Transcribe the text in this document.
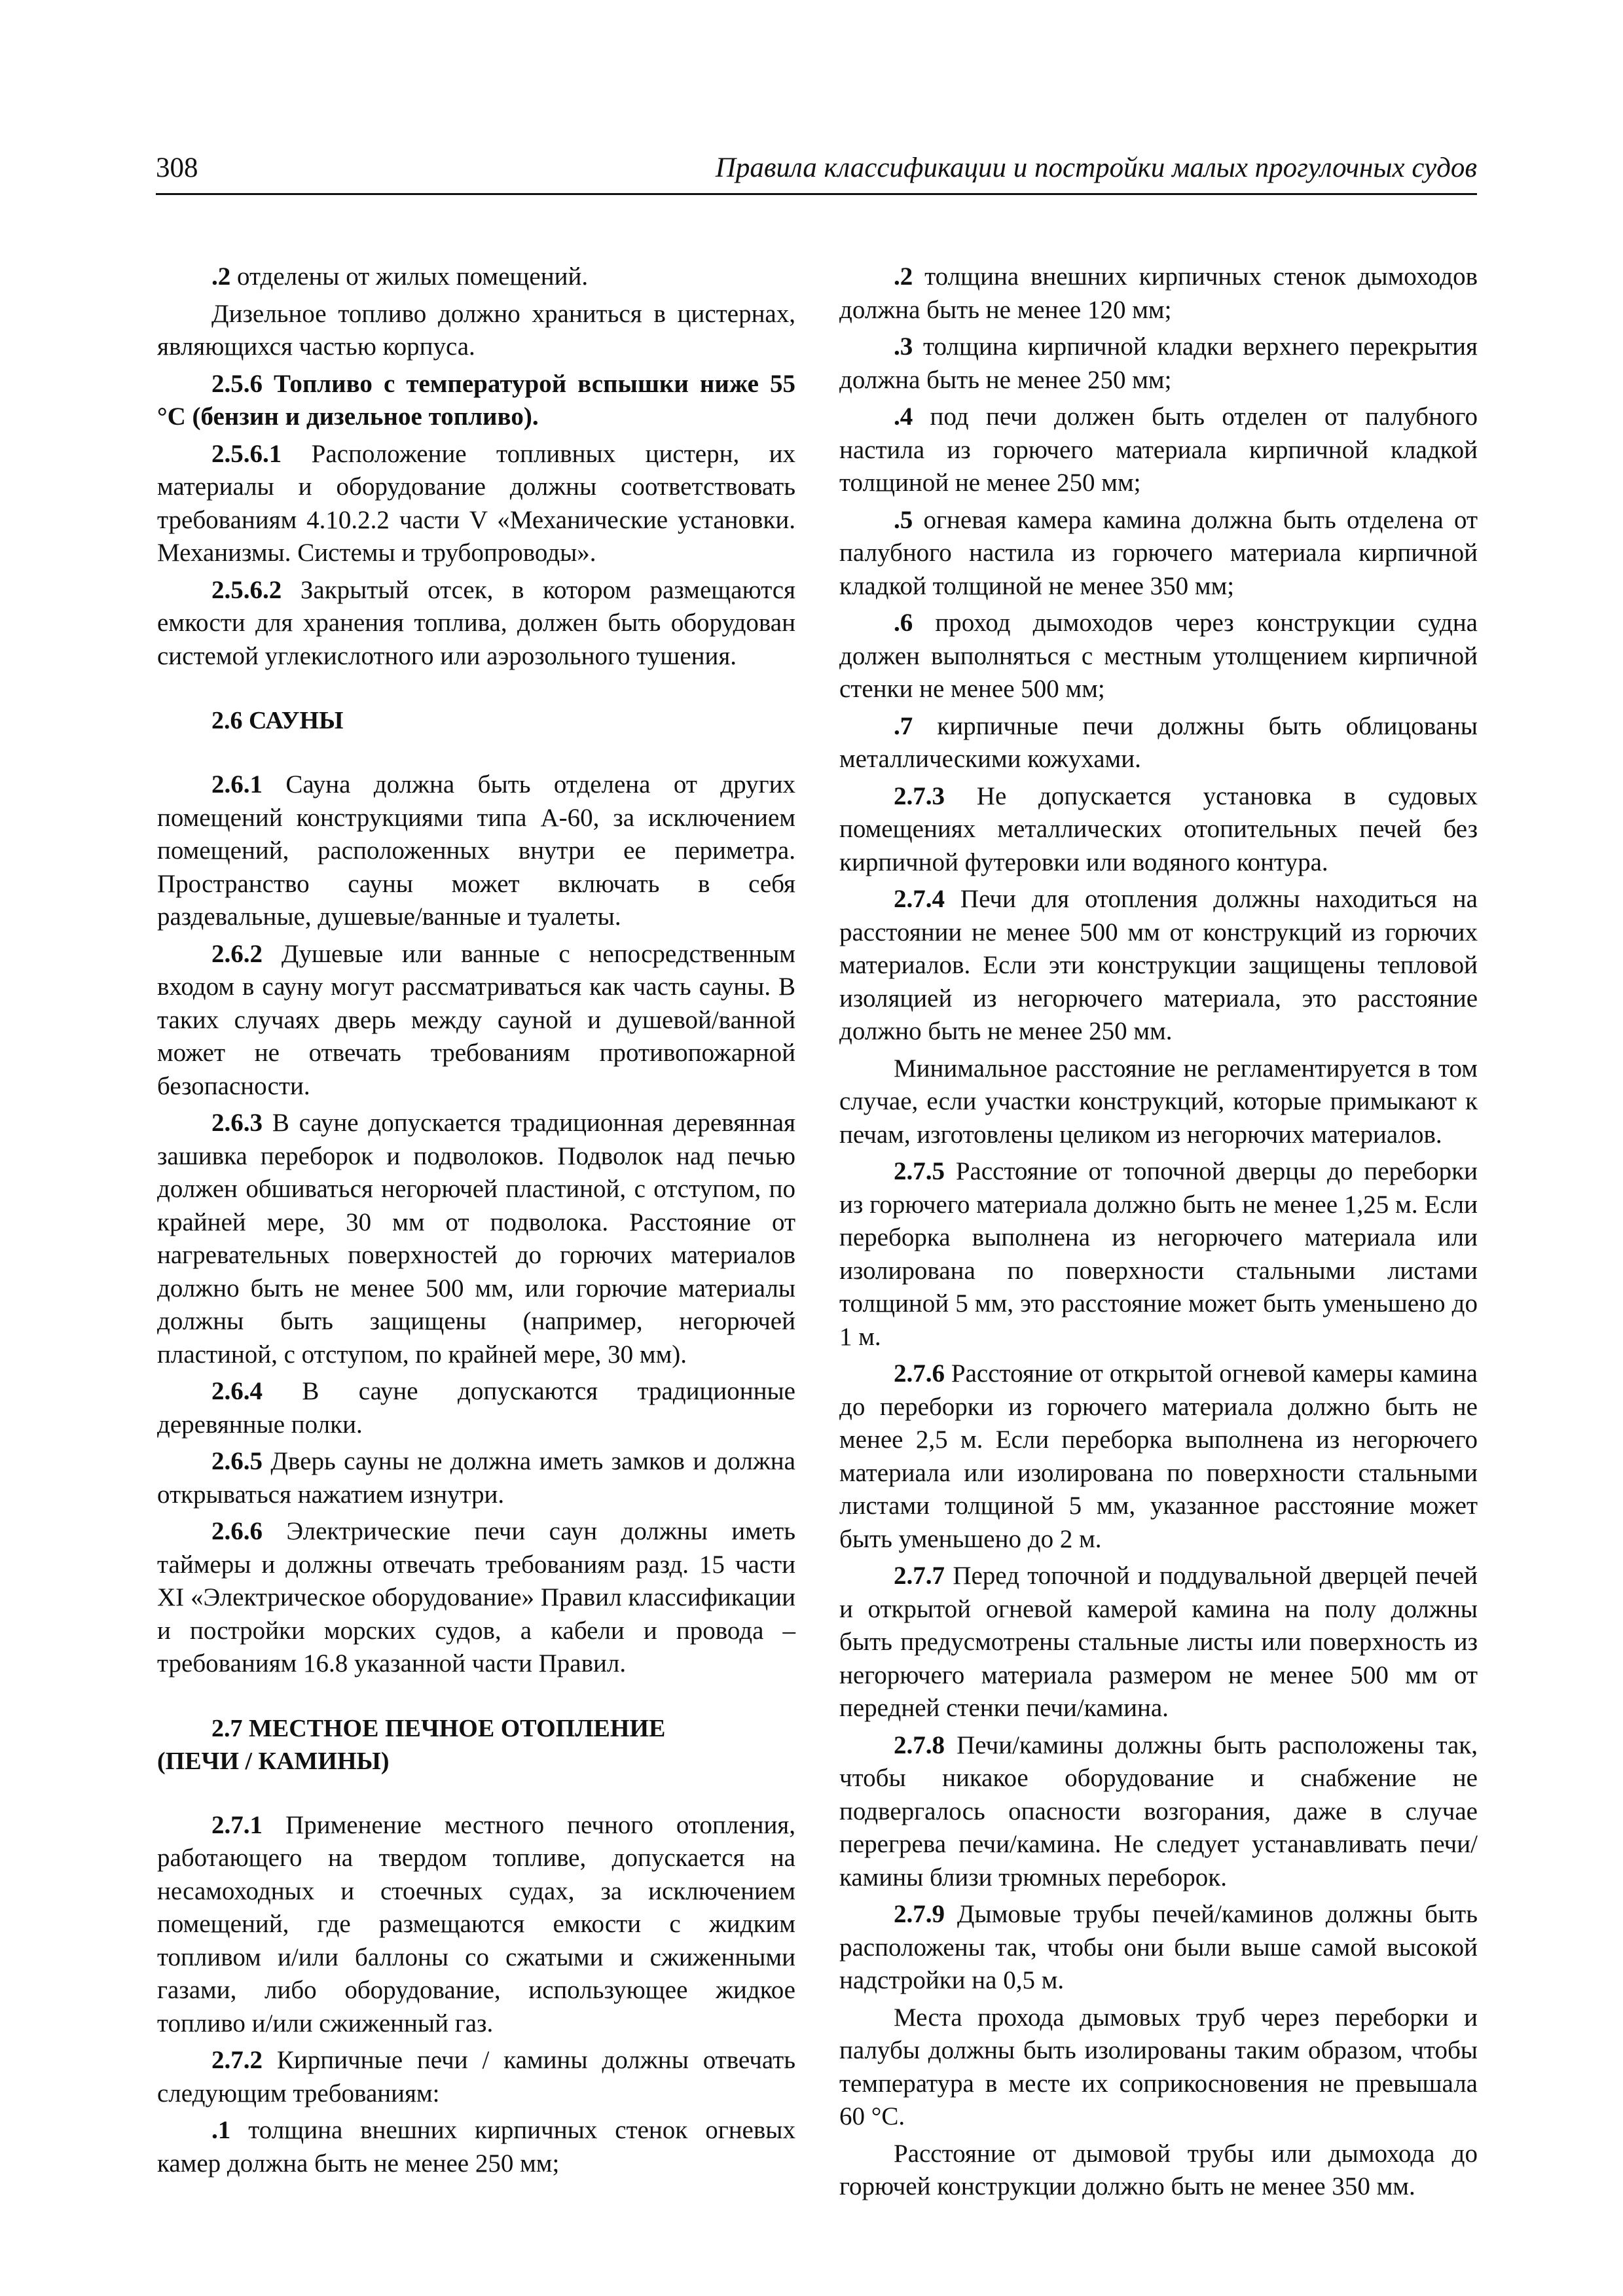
308	Правила классификации и постройки малых прогулочных судов

.2 отделены от жилых помещений.

Дизельное топливо должно храниться в цистернах, являющихся частью корпуса.

2.5.6 Топливо с температурой вспышки ниже 55 °С (бензин и дизельное топливо).

2.5.6.1 Расположение топливных цистерн, их материалы и оборудование должны соответствовать требованиям 4.10.2.2 части V «Механические установки. Механизмы. Системы и трубопроводы».

2.5.6.2 Закрытый отсек, в котором размещаются емкости для хранения топлива, должен быть оборудован системой углекислотного или аэрозольного тушения.

2.6 САУНЫ

2.6.1 Сауна должна быть отделена от других помещений конструкциями типа А-60, за исключением помещений, расположенных внутри ее периметра. Пространство сауны может включать в себя раздевальные, душевые/ванные и туалеты.

2.6.2 Душевые или ванные с непосредственным входом в сауну могут рассматриваться как часть сауны. В таких случаях дверь между сауной и душевой/ванной может не отвечать требованиям противопожарной безопасности.

2.6.3 В сауне допускается традиционная деревянная зашивка переборок и подволоков. Подволок над печью должен обшиваться негорючей пластиной, с отступом, по крайней мере, 30 мм от подволока. Расстояние от нагревательных поверхностей до горючих материалов должно быть не менее 500 мм, или горючие материалы должны быть защищены (например, негорючей пластиной, с отступом, по крайней мере, 30 мм).

2.6.4 В сауне допускаются традиционные деревянные полки.

2.6.5 Дверь сауны не должна иметь замков и должна открываться нажатием изнутри.

2.6.6 Электрические печи саун должны иметь таймеры и должны отвечать требованиям разд. 15 части XI «Электрическое оборудование» Правил классификации и постройки морских судов, а кабели и провода – требованиям 16.8 указанной части Правил.

2.7 МЕСТНОЕ ПЕЧНОЕ ОТОПЛЕНИЕ
(ПЕЧИ / КАМИНЫ)

2.7.1 Применение местного печного отопления, работающего на твердом топливе, допускается на несамоходных и стоечных судах, за исключением помещений, где размещаются емкости с жидким топливом и/или баллоны со сжатыми и сжиженными газами, либо оборудование, использующее жидкое топливо и/или сжиженный газ.

2.7.2 Кирпичные печи / камины должны отвечать следующим требованиям:

.1 толщина внешних кирпичных стенок огневых камер должна быть не менее 250 мм;

.2 толщина внешних кирпичных стенок дымоходов должна быть не менее 120 мм;

.3 толщина кирпичной кладки верхнего перекрытия должна быть не менее 250 мм;

.4 под печи должен быть отделен от палубного настила из горючего материала кирпичной кладкой толщиной не менее 250 мм;

.5 огневая камера камина должна быть отделена от палубного настила из горючего материала кирпичной кладкой толщиной не менее 350 мм;

.6 проход дымоходов через конструкции судна должен выполняться с местным утолщением кирпичной стенки не менее 500 мм;

.7 кирпичные печи должны быть облицованы металлическими кожухами.

2.7.3 Не допускается установка в судовых помещениях металлических отопительных печей без кирпичной футеровки или водяного контура.

2.7.4 Печи для отопления должны находиться на расстоянии не менее 500 мм от конструкций из горючих материалов. Если эти конструкции защищены тепловой изоляцией из негорючего материала, это расстояние должно быть не менее 250 мм.

Минимальное расстояние не регламентируется в том случае, если участки конструкций, которые примыкают к печам, изготовлены целиком из негорючих материалов.

2.7.5 Расстояние от топочной дверцы до переборки из горючего материала должно быть не менее 1,25 м. Если переборка выполнена из негорючего материала или изолирована по поверхности стальными листами толщиной 5 мм, это расстояние может быть уменьшено до 1 м.

2.7.6 Расстояние от открытой огневой камеры камина до переборки из горючего материала должно быть не менее 2,5 м. Если переборка выполнена из негорючего материала или изолирована по поверхности стальными листами толщиной 5 мм, указанное расстояние может быть уменьшено до 2 м.

2.7.7 Перед топочной и поддувальной дверцей печей и открытой огневой камерой камина на полу должны быть предусмотрены стальные листы или поверхность из негорючего материала размером не менее 500 мм от передней стенки печи/камина.

2.7.8 Печи/камины должны быть расположены так, чтобы никакое оборудование и снабжение не подвергалось опасности возгорания, даже в случае перегрева печи/камина. Не следует устанавливать печи/камины близи трюмных переборок.

2.7.9 Дымовые трубы печей/каминов должны быть расположены так, чтобы они были выше самой высокой надстройки на 0,5 м.

Места прохода дымовых труб через переборки и палубы должны быть изолированы таким образом, чтобы температура в месте их соприкосновения не превышала 60 °С.

Расстояние от дымовой трубы или дымохода до горючей конструкции должно быть не менее 350 мм.
